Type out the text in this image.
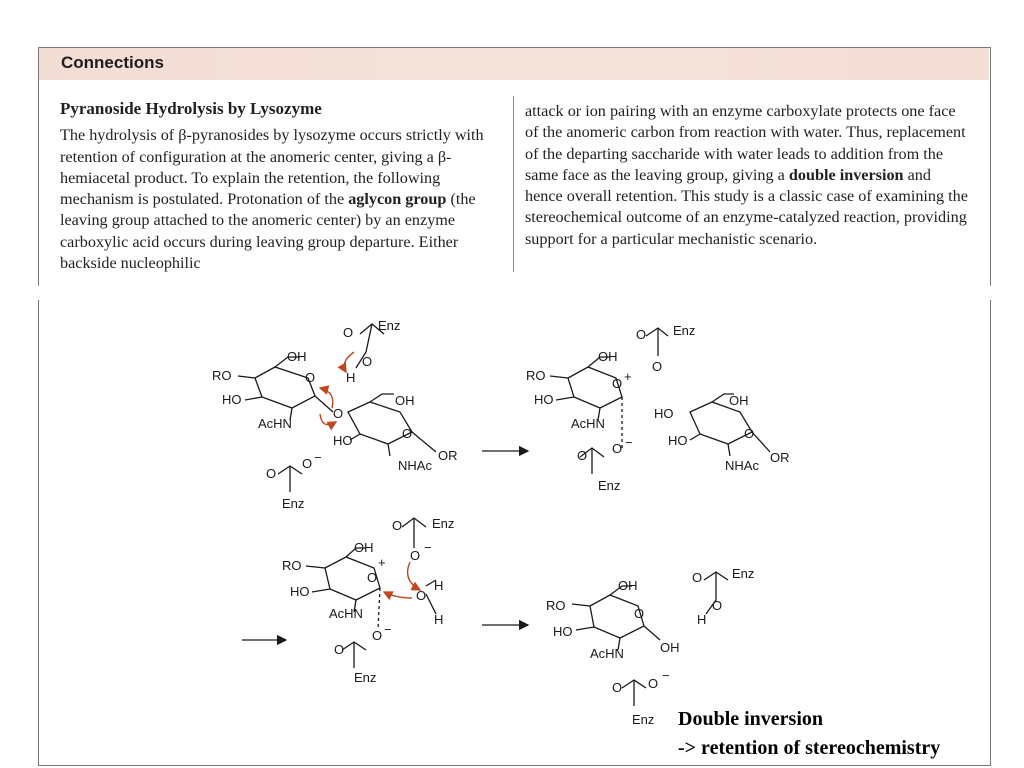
Connections
Pyranoside Hydrolysis by Lysozyme

The hydrolysis of β-pyranosides by lysozyme occurs strictly with retention of configuration at the anomeric center, giving a β-hemiacetal product. To explain the retention, the following mechanism is postulated. Protonation of the aglycon group (the leaving group attached to the anomeric center) by an enzyme carboxylic acid occurs during leaving group departure. Either backside nucleophilic

attack or ion pairing with an enzyme carboxylate protects one face of the anomeric carbon from reaction with water. Thus, replacement of the departing saccharide with water leads to addition from the same face as the leaving group, giving a double inversion and hence overall retention. This study is a classic case of examining the stereochemical outcome of an enzyme-catalyzed reaction, providing support for a particular mechanistic scenario.

O Enz
O
H
OH
RO
HO
AcHN
O
O
OH
HO	O
NHAc
OR
O
O −
Enz
O Enz
O
OH
RO
HO
AcHN
O +
O O −
Enz
HO
OH
HO	O
NHAc
OR
O Enz
O
−
OH
RO
HO
AcHN
O
+
O
H
H
O −
O
Enz
OH
RO
HO
AcHN
O
OH
O Enz
O
H
O O
−
Enz Double inversion
-> retention of stereochemistry
